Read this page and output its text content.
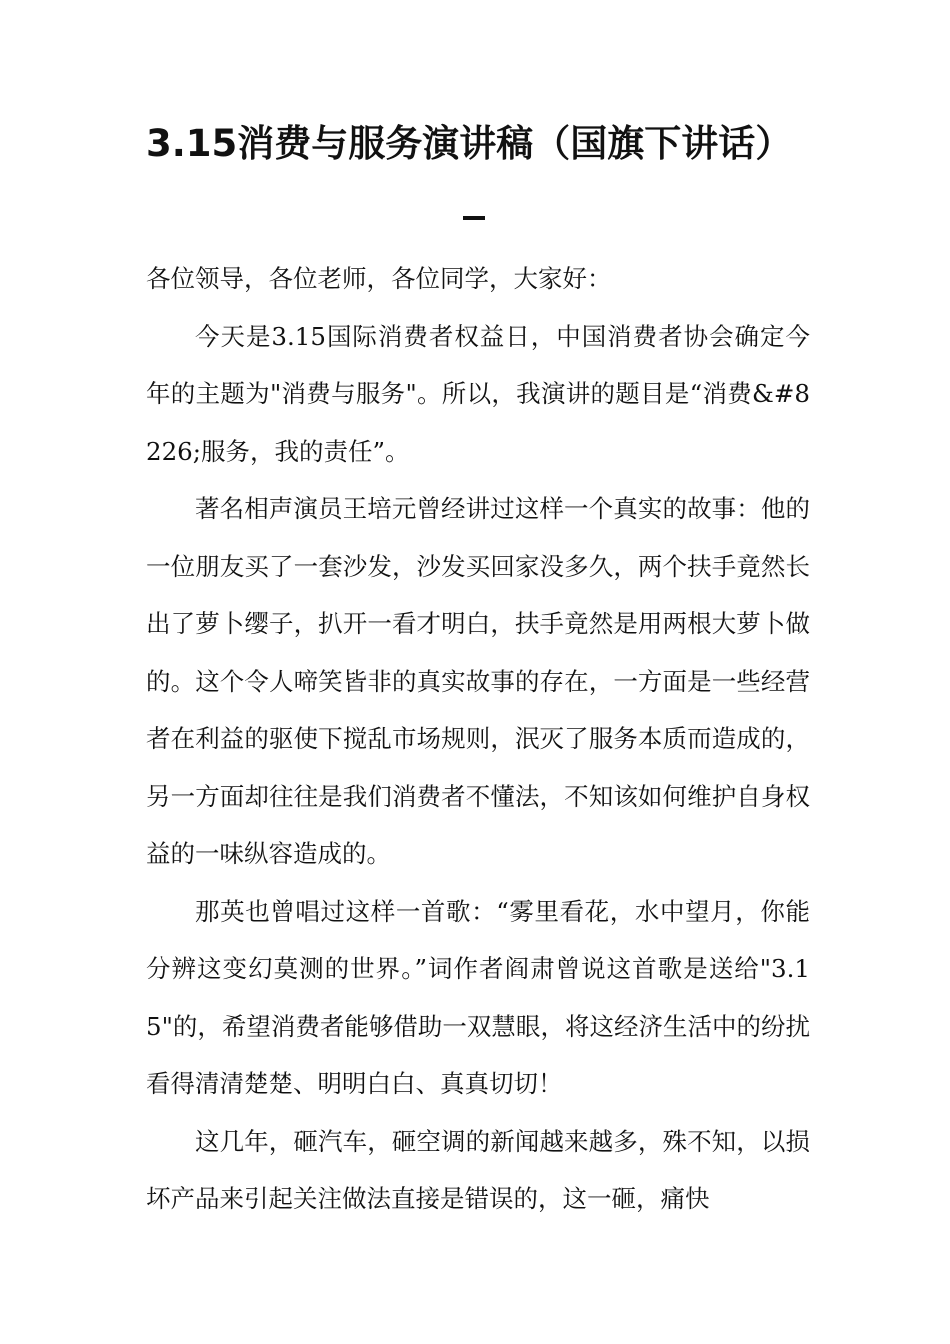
3.15消费与服务演讲稿（国旗下讲话）

各位领导，各位老师，各位同学，大家好：

今天是3.15国际消费者权益日，中国消费者协会确定今年的主题为"消费与服务"。所以，我演讲的题目是“消费&#8226;服务，我的责任”。

著名相声演员王培元曾经讲过这样一个真实的故事：他的一位朋友买了一套沙发，沙发买回家没多久，两个扶手竟然长出了萝卜缨子，扒开一看才明白，扶手竟然是用两根大萝卜做的。这个令人啼笑皆非的真实故事的存在，一方面是一些经营者在利益的驱使下搅乱市场规则，泯灭了服务本质而造成的，另一方面却往往是我们消费者不懂法，不知该如何维护自身权益的一味纵容造成的。

那英也曾唱过这样一首歌：“雾里看花，水中望月，你能分辨这变幻莫测的世界。”词作者阎肃曾说这首歌是送给"3.15"的，希望消费者能够借助一双慧眼，将这经济生活中的纷扰看得清清楚楚、明明白白、真真切切！

这几年，砸汽车，砸空调的新闻越来越多，殊不知，以损坏产品来引起关注做法直接是错误的，这一砸，痛快
